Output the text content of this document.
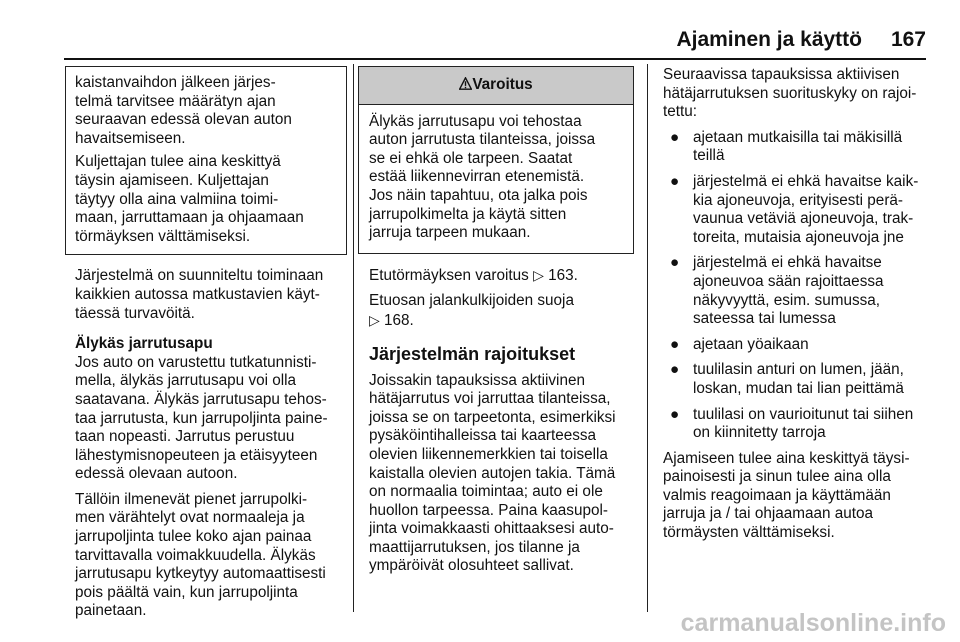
Ajaminen ja käyttö 167

kaistanvaihdon jälkeen järjes-
telmä tarvitsee määrätyn ajan
seuraavan edessä olevan auton
havaitsemiseen.

Kuljettajan tulee aina keskittyä
täysin ajamiseen. Kuljettajan
täytyy olla aina valmiina toimi-
maan, jarruttamaan ja ohjaamaan
törmäyksen välttämiseksi.

Järjestelmä on suunniteltu toiminaan
kaikkien autossa matkustavien käyt-
täessä turvavöitä.

Älykäs jarrutusapu

Jos auto on varustettu tutkatunnisti-
mella, älykäs jarrutusapu voi olla
saatavana. Älykäs jarrutusapu tehos-
taa jarrutusta, kun jarrupoljinta paine-
taan nopeasti. Jarrutus perustuu
lähestymisnopeuteen ja etäisyyteen
edessä olevaan autoon.

Tällöin ilmenevät pienet jarrupolki-
men värähtelyt ovat normaaleja ja
jarrupoljinta tulee koko ajan painaa
tarvittavalla voimakkuudella. Älykäs
jarrutusapu kytkeytyy automaattisesti
pois päältä vain, kun jarrupoljinta
painetaan.

Varoitus

Älykäs jarrutusapu voi tehostaa
auton jarrutusta tilanteissa, joissa
se ei ehkä ole tarpeen. Saatat
estää liikennevirran etenemistä.
Jos näin tapahtuu, ota jalka pois
jarrupolkimelta ja käytä sitten
jarruja tarpeen mukaan.

Etutörmäyksen varoitus ▷ 163.

Etuosan jalankulkijoiden suoja
▷ 168.

Järjestelmän rajoitukset

Joissakin tapauksissa aktiivinen
hätäjarrutus voi jarruttaa tilanteissa,
joissa se on tarpeetonta, esimerkiksi
pysäköintihalleissa tai kaarteessa
olevien liikennemerkkien tai toisella
kaistalla olevien autojen takia. Tämä
on normaalia toimintaa; auto ei ole
huollon tarpeessa. Paina kaasupol-
jinta voimakkaasti ohittaaksesi auto-
maattijarrutuksen, jos tilanne ja
ympäröivät olosuhteet sallivat.

Seuraavissa tapauksissa aktiivisen
hätäjarrutuksen suorituskyky on rajoi-
tettu:

● ajetaan mutkaisilla tai mäkisillä
teillä
● järjestelmä ei ehkä havaitse kaik-
kia ajoneuvoja, erityisesti perä-
vaunua vetäviä ajoneuvoja, trak-
toreita, mutaisia ajoneuvoja jne
● järjestelmä ei ehkä havaitse
ajoneuvoa sään rajoittaessa
näkyvyyttä, esim. sumussa,
sateessa tai lumessa
● ajetaan yöaikaan
● tuulilasin anturi on lumen, jään,
loskan, mudan tai lian peittämä
● tuulilasi on vaurioitunut tai siihen
on kiinnitetty tarroja

Ajamiseen tulee aina keskittyä täysi-
painoisesti ja sinun tulee aina olla
valmis reagoimaan ja käyttämään
jarruja ja / tai ohjaamaan autoa
törmäysten välttämiseksi.

carmanualsonline.info
